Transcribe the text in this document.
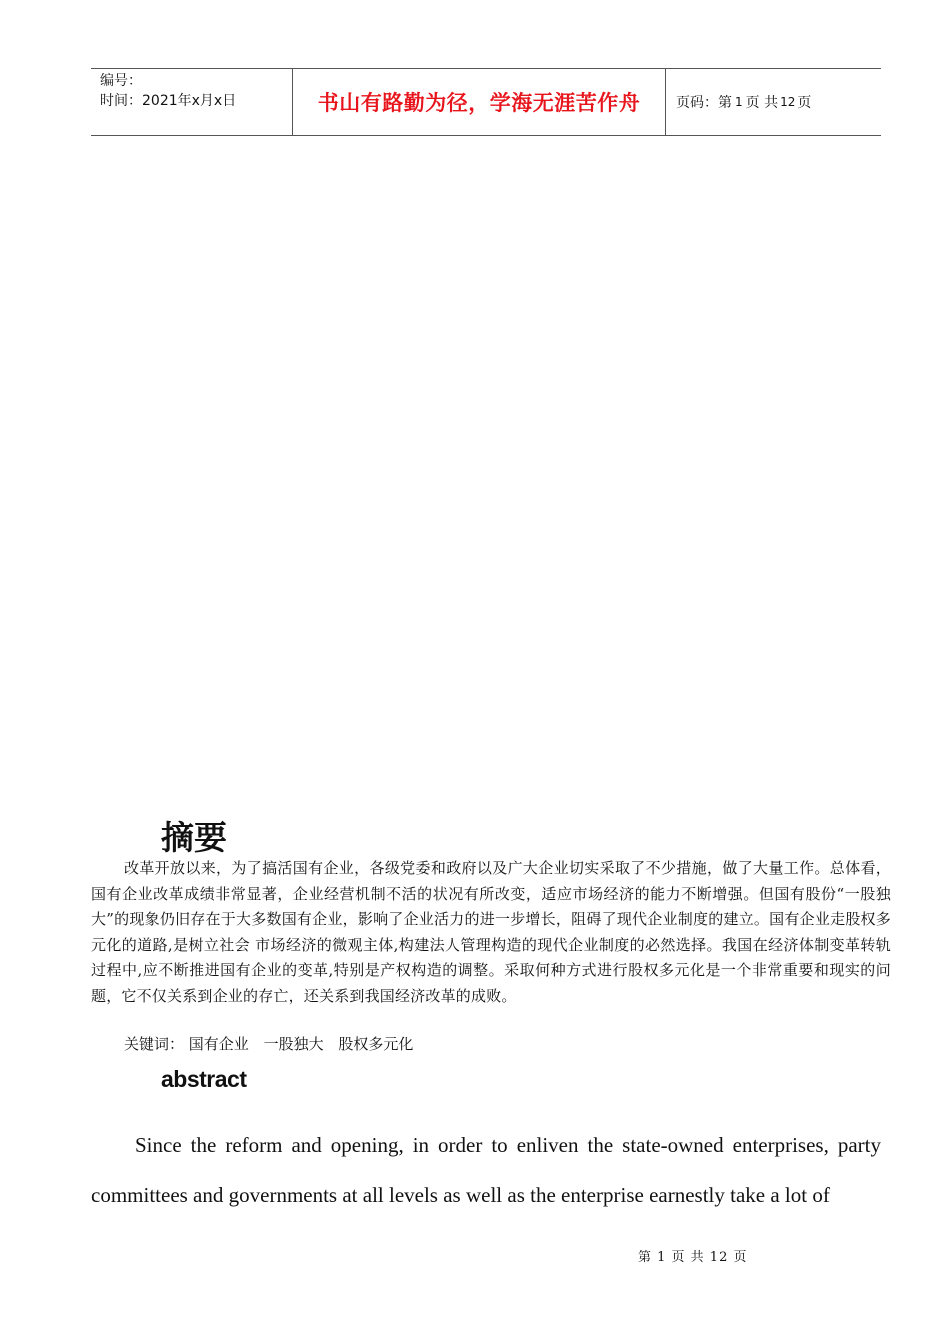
编号：
时间：2021年x月x日	书山有路勤为径，学海无涯苦作舟	页码：第 1 页 共 12 页
摘要

改革开放以来，为了搞活国有企业，各级党委和政府以及广大企业切实采取了不少措施，做了大量工作。总体看，国有企业改革成绩非常显著，企业经营机制不活的状况有所改变，适应市场经济的能力不断增强。但国有股份“一股独大”的现象仍旧存在于大多数国有企业，影响了企业活力的进一步增长，阻碍了现代企业制度的建立。国有企业走股权多元化的道路,是树立社会 市场经济的微观主体,构建法人管理构造的现代企业制度的必然选择。我国在经济体制变革转轨过程中,应不断推进国有企业的变革,特别是产权构造的调整。采取何种方式进行股权多元化是一个非常重要和现实的问题，它不仅关系到企业的存亡，还关系到我国经济改革的成败。

关键词： 国有企业 一股独大 股权多元化
abstract

Since the reform and opening, in order to enliven the state-owned enterprises, party committees and governments at all levels as well as the enterprise earnestly take a lot of

第 1 页 共 12 页
